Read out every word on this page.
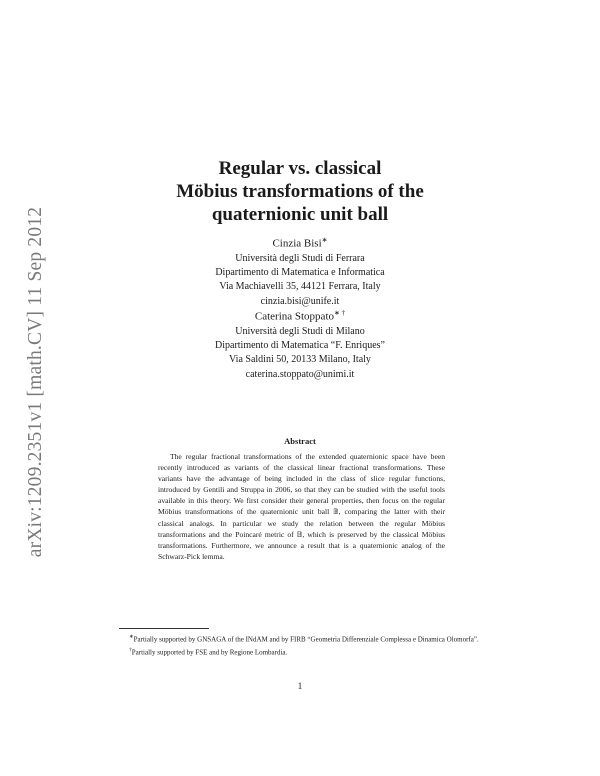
arXiv:1209.2351v1 [math.CV] 11 Sep 2012
Regular vs. classical
Möbius transformations of the
quaternionic unit ball
Cinzia Bisi∗
Università degli Studi di Ferrara
Dipartimento di Matematica e Informatica
Via Machiavelli 35, 44121 Ferrara, Italy
cinzia.bisi@unife.it
Caterina Stoppato∗ †
Università degli Studi di Milano
Dipartimento di Matematica “F. Enriques”
Via Saldini 50, 20133 Milano, Italy
caterina.stoppato@unimi.it
Abstract
The regular fractional transformations of the extended quaternionic space have been recently introduced as variants of the classical linear fractional transformations. These variants have the advantage of being included in the class of slice regular functions, introduced by Gentili and Struppa in 2006, so that they can be studied with the useful tools available in this theory. We first consider their general properties, then focus on the regular Möbius transformations of the quaternionic unit ball 𝔹, comparing the latter with their classical analogs. In particular we study the relation between the regular Möbius transformations and the Poincaré metric of 𝔹, which is preserved by the classical Möbius transformations. Furthermore, we announce a result that is a quaternionic analog of the Schwarz-Pick lemma.

∗Partially supported by GNSAGA of the INdAM and by FIRB “Geometria Differenziale Complessa e Dinamica Olomorfa”.

†Partially supported by FSE and by Regione Lombardia.

1
